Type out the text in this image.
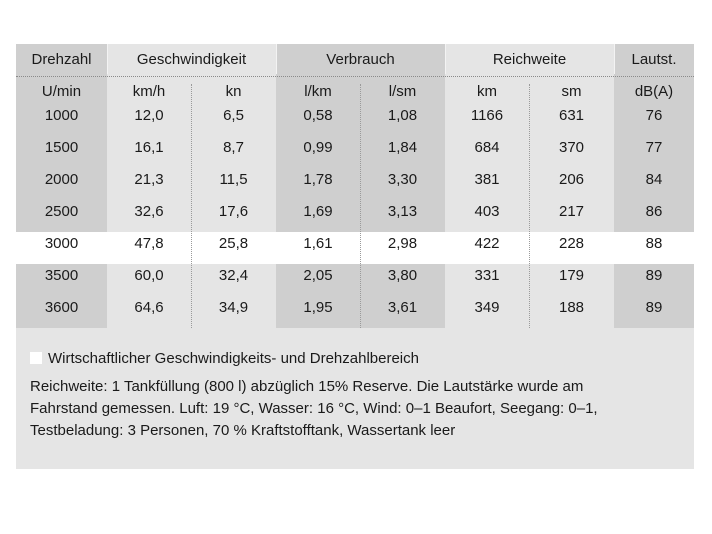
Drehzahl	Geschwindigkeit	Verbrauch	Reichweite	Lautst.
U/min	km/h	kn	l/km	l/sm	km	sm	dB(A)
1000	12,0	6,5	0,58	1,08	1166	631	76
1500	16,1	8,7	0,99	1,84	684	370	77
2000	21,3	11,5	1,78	3,30	381	206	84
2500	32,6	17,6	1,69	3,13	403	217	86
3000	47,8	25,8	1,61	2,98	422	228	88
3500	60,0	32,4	2,05	3,80	331	179	89
3600	64,6	34,9	1,95	3,61	349	188	89
Wirtschaftlicher Geschwindigkeits- und Drehzahlbereich
Reichweite: 1 Tankfüllung (800 l) abzüglich 15% Reserve. Die Lautstärke wurde am
Fahrstand gemessen. Luft: 19 °C, Wasser: 16 °C, Wind: 0–1 Beaufort, Seegang: 0–1,
Testbeladung: 3 Personen, 70 % Kraftstofftank, Wassertank leer
